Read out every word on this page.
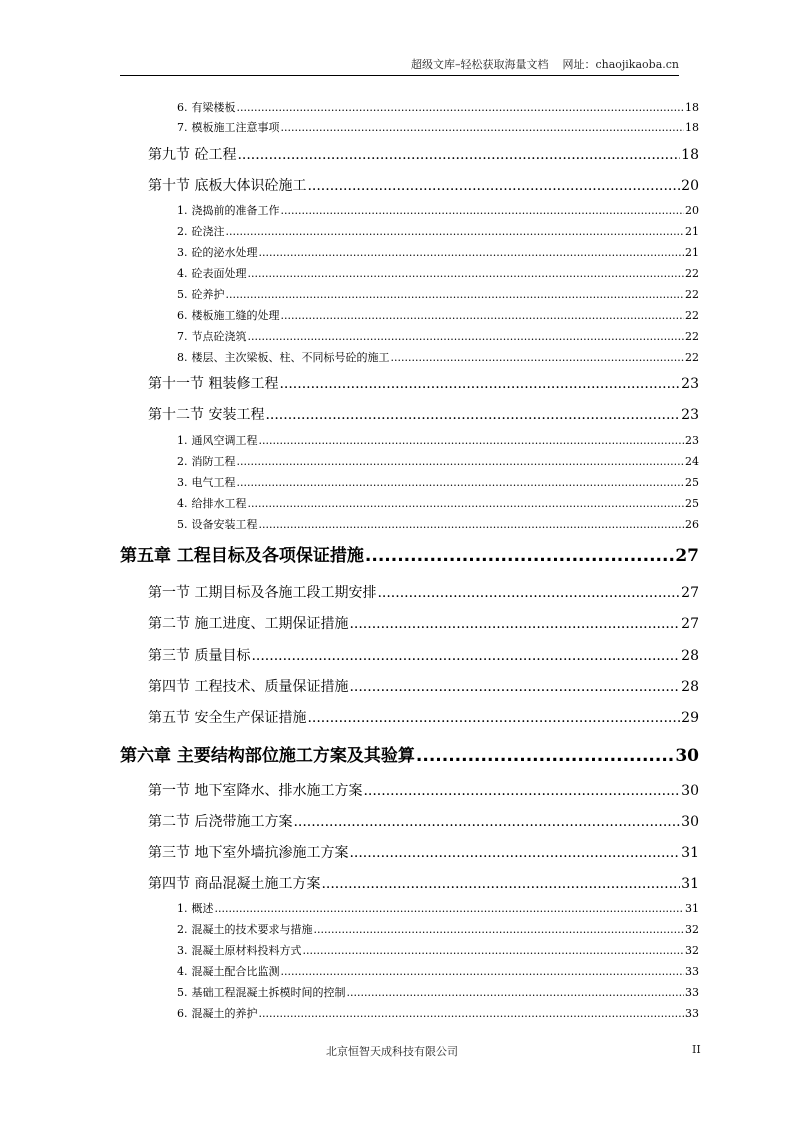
超级文库–轻松获取海量文档    网址：chaojikaoba.cn
6. 有梁楼板 .....	18
7. 模板施工注意事项 .....	18
第九节 砼工程 .....	18
第十节 底板大体识砼施工 .....	20
1. 浇捣前的准备工作 .....	20
2. 砼浇注 .....	21
3. 砼的泌水处理 .....	21
4. 砼表面处理 .....	22
5. 砼养护 .....	22
6. 楼板施工缝的处理 .....	22
7. 节点砼浇筑 .....	22
8. 楼层、主次梁板、柱、不同标号砼的施工 .....	22
第十一节 粗装修工程 .....	23
第十二节 安装工程 .....	23
1. 通风空调工程 .....	23
2. 消防工程 .....	24
3. 电气工程 .....	25
4. 给排水工程 .....	25
5. 设备安装工程 .....	26
第五章 工程目标及各项保证措施 .....	27
第一节 工期目标及各施工段工期安排 .....	27
第二节 施工进度、工期保证措施 .....	27
第三节 质量目标 .....	28
第四节 工程技术、质量保证措施 .....	28
第五节 安全生产保证措施 .....	29
第六章 主要结构部位施工方案及其验算 .....	30
第一节 地下室降水、排水施工方案 .....	30
第二节 后浇带施工方案 .....	30
第三节 地下室外墙抗渗施工方案 .....	31
第四节 商品混凝土施工方案 .....	31
1. 概述 .....	31
2. 混凝土的技术要求与措施 .....	32
3. 混凝土原材料投料方式 .....	32
4. 混凝土配合比监测 .....	33
5. 基础工程混凝土拆模时间的控制 .....	33
6. 混凝土的养护 .....	33
北京恒智天成科技有限公司	II
